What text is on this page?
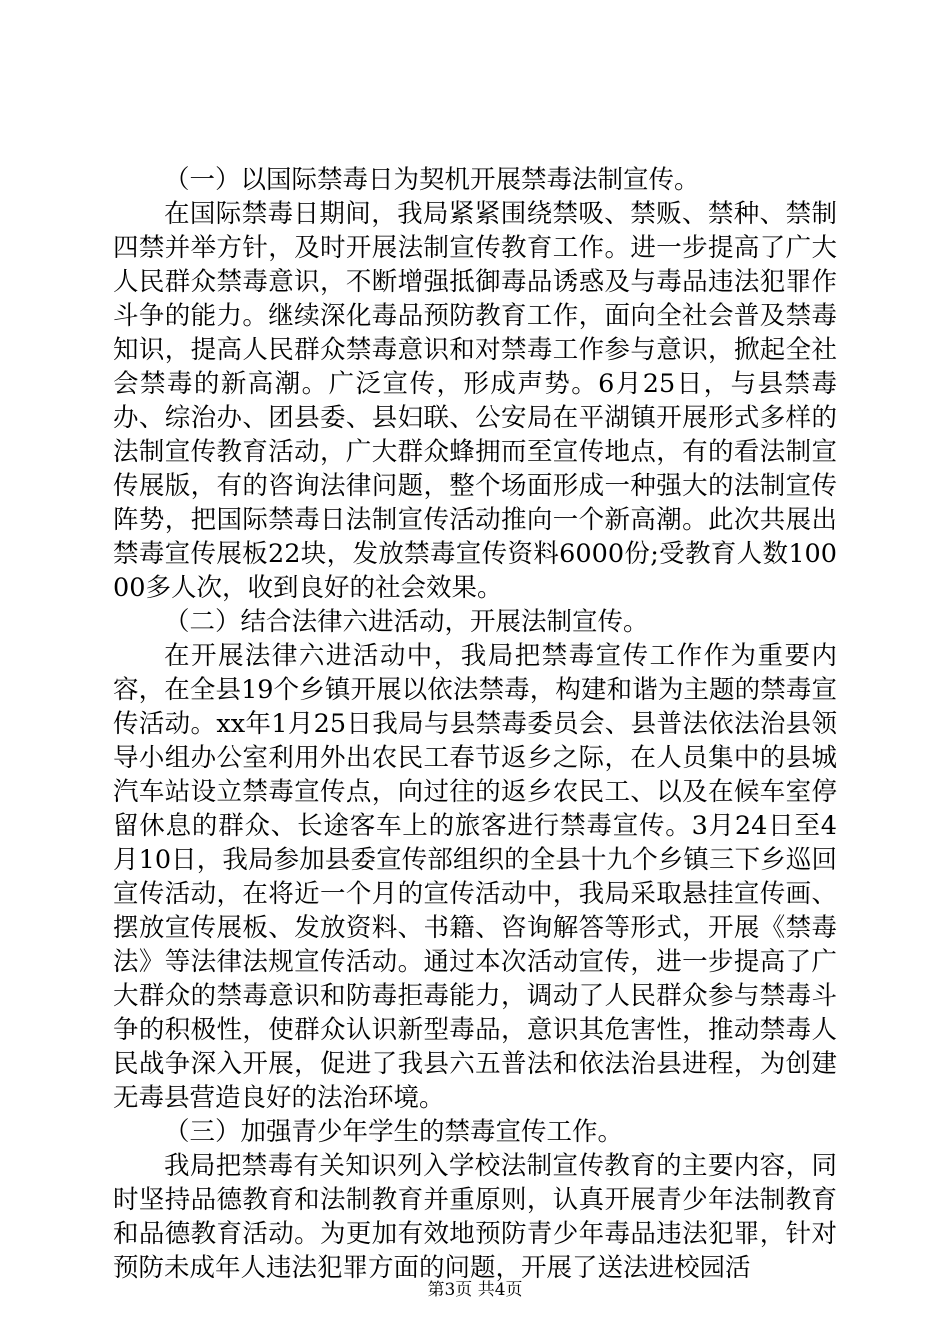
（一）以国际禁毒日为契机开展禁毒法制宣传。

在国际禁毒日期间，我局紧紧围绕禁吸、禁贩、禁种、禁制四禁并举方针，及时开展法制宣传教育工作。进一步提高了广大人民群众禁毒意识，不断增强抵御毒品诱惑及与毒品违法犯罪作斗争的能力。继续深化毒品预防教育工作，面向全社会普及禁毒知识，提高人民群众禁毒意识和对禁毒工作参与意识，掀起全社会禁毒的新高潮。广泛宣传，形成声势。6月25日，与县禁毒办、综治办、团县委、县妇联、公安局在平湖镇开展形式多样的法制宣传教育活动，广大群众蜂拥而至宣传地点，有的看法制宣传展版，有的咨询法律问题，整个场面形成一种强大的法制宣传阵势，把国际禁毒日法制宣传活动推向一个新高潮。此次共展出禁毒宣传展板22块，发放禁毒宣传资料6000份;受教育人数10000多人次，收到良好的社会效果。

（二）结合法律六进活动，开展法制宣传。

在开展法律六进活动中，我局把禁毒宣传工作作为重要内容，在全县19个乡镇开展以依法禁毒，构建和谐为主题的禁毒宣传活动。xx年1月25日我局与县禁毒委员会、县普法依法治县领导小组办公室利用外出农民工春节返乡之际，在人员集中的县城汽车站设立禁毒宣传点，向过往的返乡农民工、以及在候车室停留休息的群众、长途客车上的旅客进行禁毒宣传。3月24日至4月10日，我局参加县委宣传部组织的全县十九个乡镇三下乡巡回宣传活动，在将近一个月的宣传活动中，我局采取悬挂宣传画、摆放宣传展板、发放资料、书籍、咨询解答等形式，开展《禁毒法》等法律法规宣传活动。通过本次活动宣传，进一步提高了广大群众的禁毒意识和防毒拒毒能力，调动了人民群众参与禁毒斗争的积极性，使群众认识新型毒品，意识其危害性，推动禁毒人民战争深入开展，促进了我县六五普法和依法治县进程，为创建无毒县营造良好的法治环境。

（三）加强青少年学生的禁毒宣传工作。

我局把禁毒有关知识列入学校法制宣传教育的主要内容，同时坚持品德教育和法制教育并重原则，认真开展青少年法制教育和品德教育活动。为更加有效地预防青少年毒品违法犯罪，针对预防未成年人违法犯罪方面的问题，开展了送法进校园活

第3页 共4页
